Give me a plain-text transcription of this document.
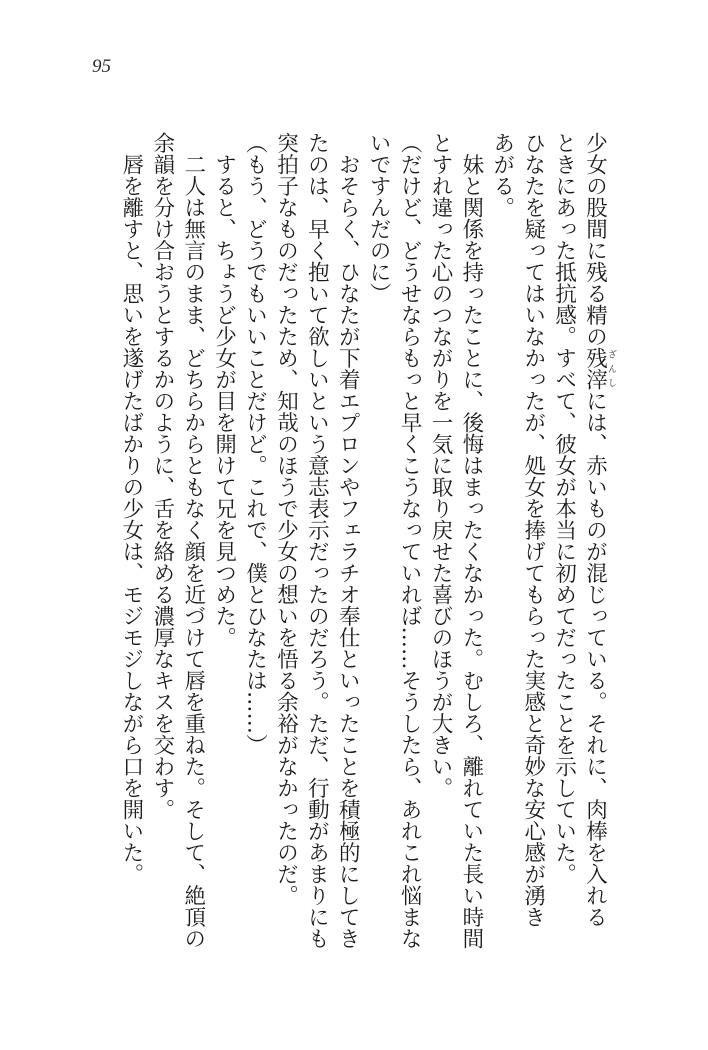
95
少女の股間に残る精の残滓ざんしには、赤いものが混じっている。それに、肉棒を入れる
ときにあった抵抗感。すべて、彼女が本当に初めてだったことを示していた。
ひなたを疑ってはいなかったが、処女を捧げてもらった実感と奇妙な安心感が湧き
あがる。
　妹と関係を持ったことに、後悔はまったくなかった。むしろ、離れていた長い時間
とすれ違った心のつながりを一気に取り戻せた喜びのほうが大きい。
（だけど、どうせならもっと早くこうなっていれば……そうしたら、あれこれ悩まな
いですんだのに）
　おそらく、ひなたが下着エプロンやフェラチオ奉仕といったことを積極的にしてき
たのは、早く抱いて欲しいという意志表示だったのだろう。ただ、行動があまりにも
突拍子なものだったため、知哉のほうで少女の想いを悟る余裕がなかったのだ。
（もう、どうでもいいことだけど。これで、僕とひなたは……）
　すると、ちょうど少女が目を開けて兄を見つめた。
　二人は無言のまま、どちらからともなく顔を近づけて唇を重ねた。そして、絶頂の
余韻を分け合おうとするかのように、舌を絡める濃厚なキスを交わす。
　唇を離すと、思いを遂げたばかりの少女は、モジモジしながら口を開いた。
